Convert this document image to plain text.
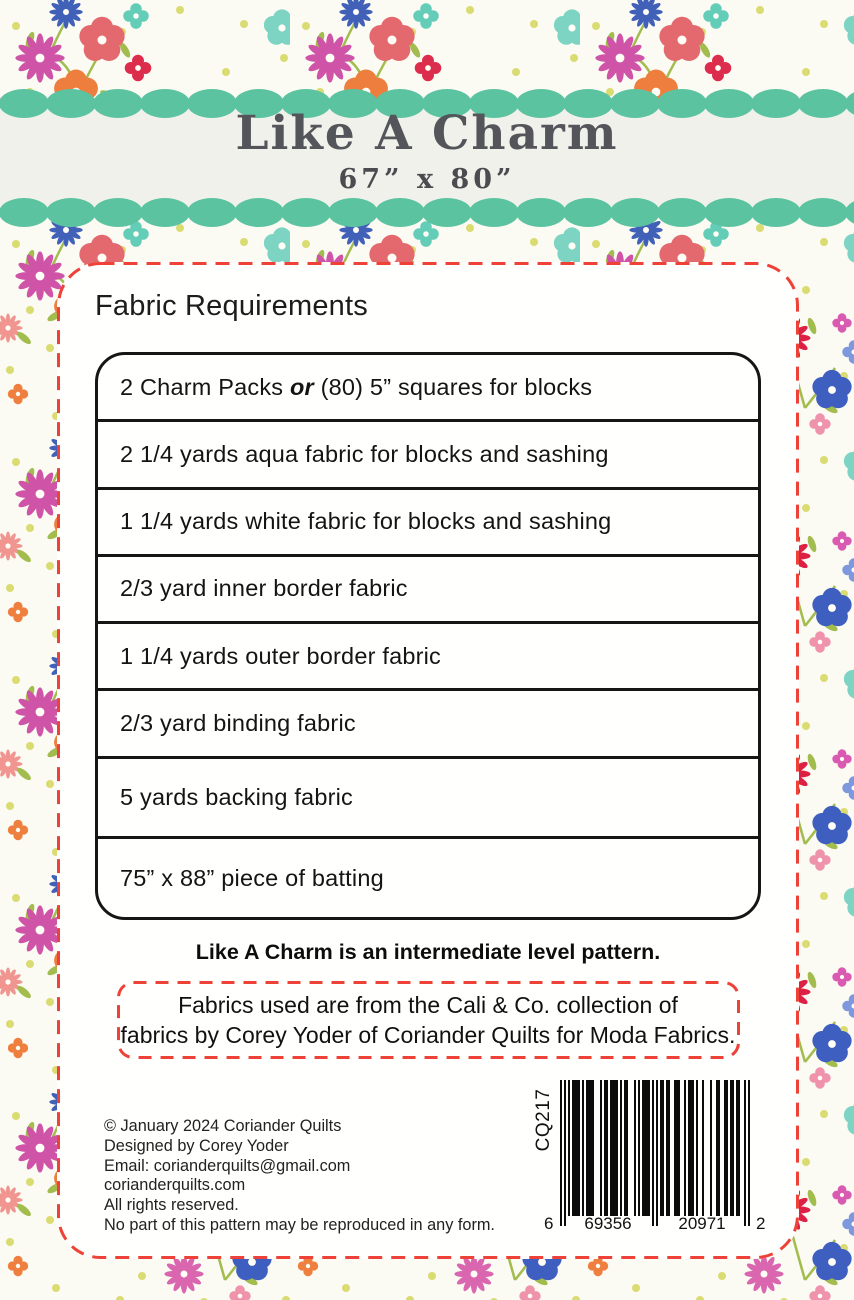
Like A Charm
67” x 80”
Fabric Requirements
2 Charm Packs or (80) 5” squares for blocks
2 1/4 yards aqua fabric for blocks and sashing
1 1/4 yards white fabric for blocks and sashing
2/3 yard inner border fabric
1 1/4 yards outer border fabric
2/3 yard binding fabric
5 yards backing fabric
75” x 88” piece of batting
Like A Charm is an intermediate level pattern.
Fabrics used are from the Cali & Co. collection of
fabrics by Corey Yoder of Coriander Quilts for Moda Fabrics.
© January 2024 Coriander Quilts
Designed by Corey Yoder
Email: corianderquilts@gmail.com
corianderquilts.com
All rights reserved.
No part of this pattern may be reproduced in any form.
CQ217
6	69356	20971	2
